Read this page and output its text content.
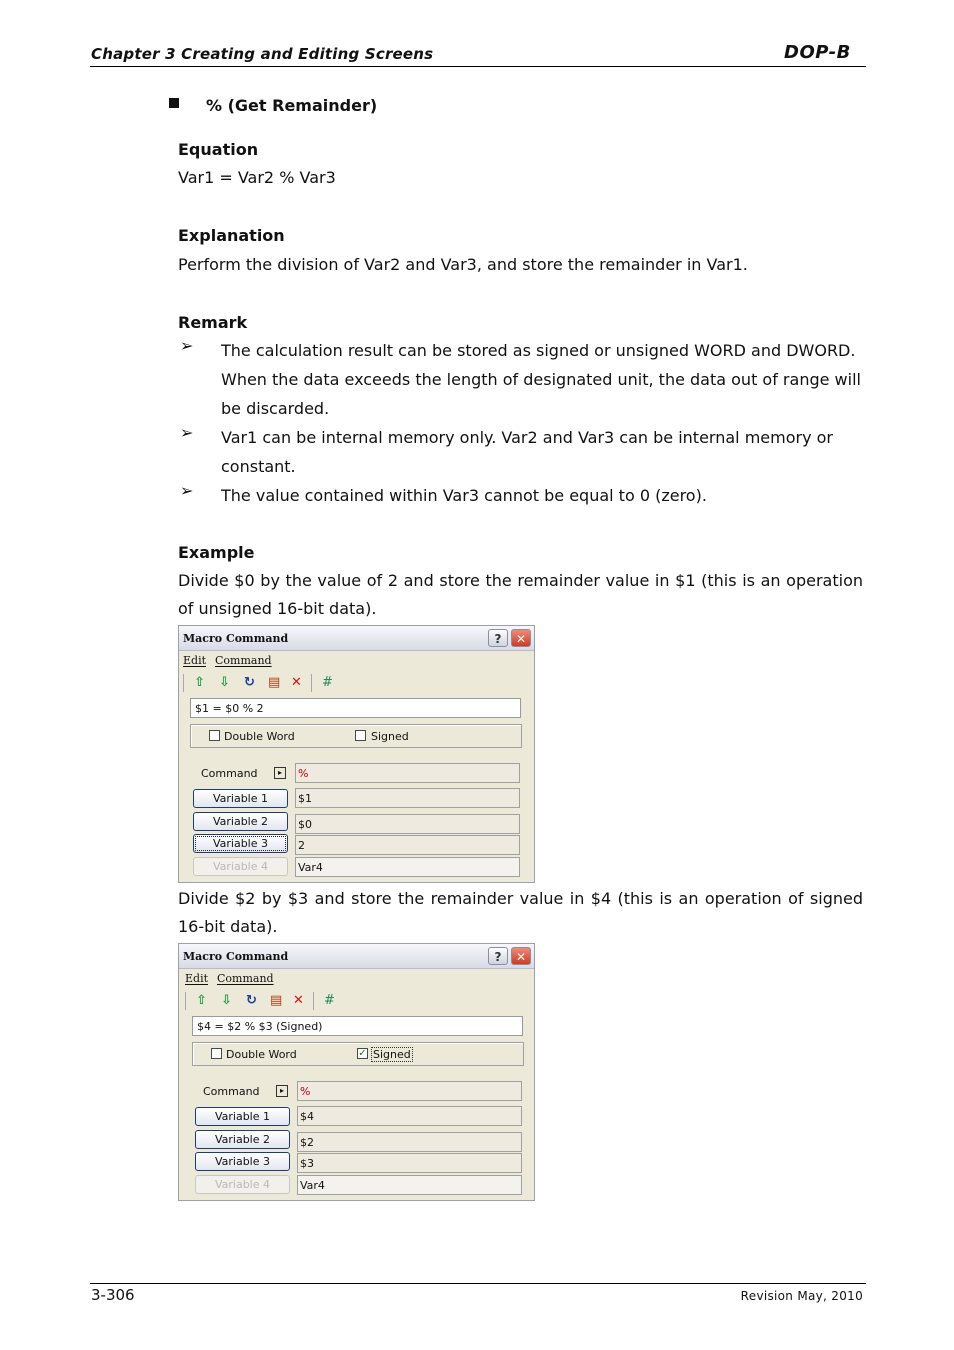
Chapter 3 Creating and Editing Screens	DOP-B
% (Get Remainder)
Equation
Var1 = Var2 % Var3
Explanation
Perform the division of Var2 and Var3, and store the remainder in Var1.
Remark
➢ The calculation result can be stored as signed or unsigned WORD and DWORD.
When the data exceeds the length of designated unit, the data out of range will
be discarded.
➢ Var1 can be internal memory only. Var2 and Var3 can be internal memory or
constant.
➢ The value contained within Var3 cannot be equal to 0 (zero).
Example
Divide $0 by the value of 2 and store the remainder value in $1 (this is an operation of unsigned 16-bit data).
Macro Command	?	✕
Edit Command
⇧ ⇩ ↻ ▤ ✕ #
$1 = $0 % 2
Double Word	Signed
Command	▸	%
Variable 1	$1
Variable 2	$0
Variable 3	2
Variable 4	Var4
Divide $2 by $3 and store the remainder value in $4 (this is an operation of signed 16-bit data).
Macro Command	?	✕
Edit Command
⇧ ⇩ ↻ ▤ ✕ #
$4 = $2 % $3 (Signed)
Double Word	✓ Signed
Command	▸	%
Variable 1	$4
Variable 2	$2
Variable 3	$3
Variable 4	Var4
3-306	Revision May, 2010
